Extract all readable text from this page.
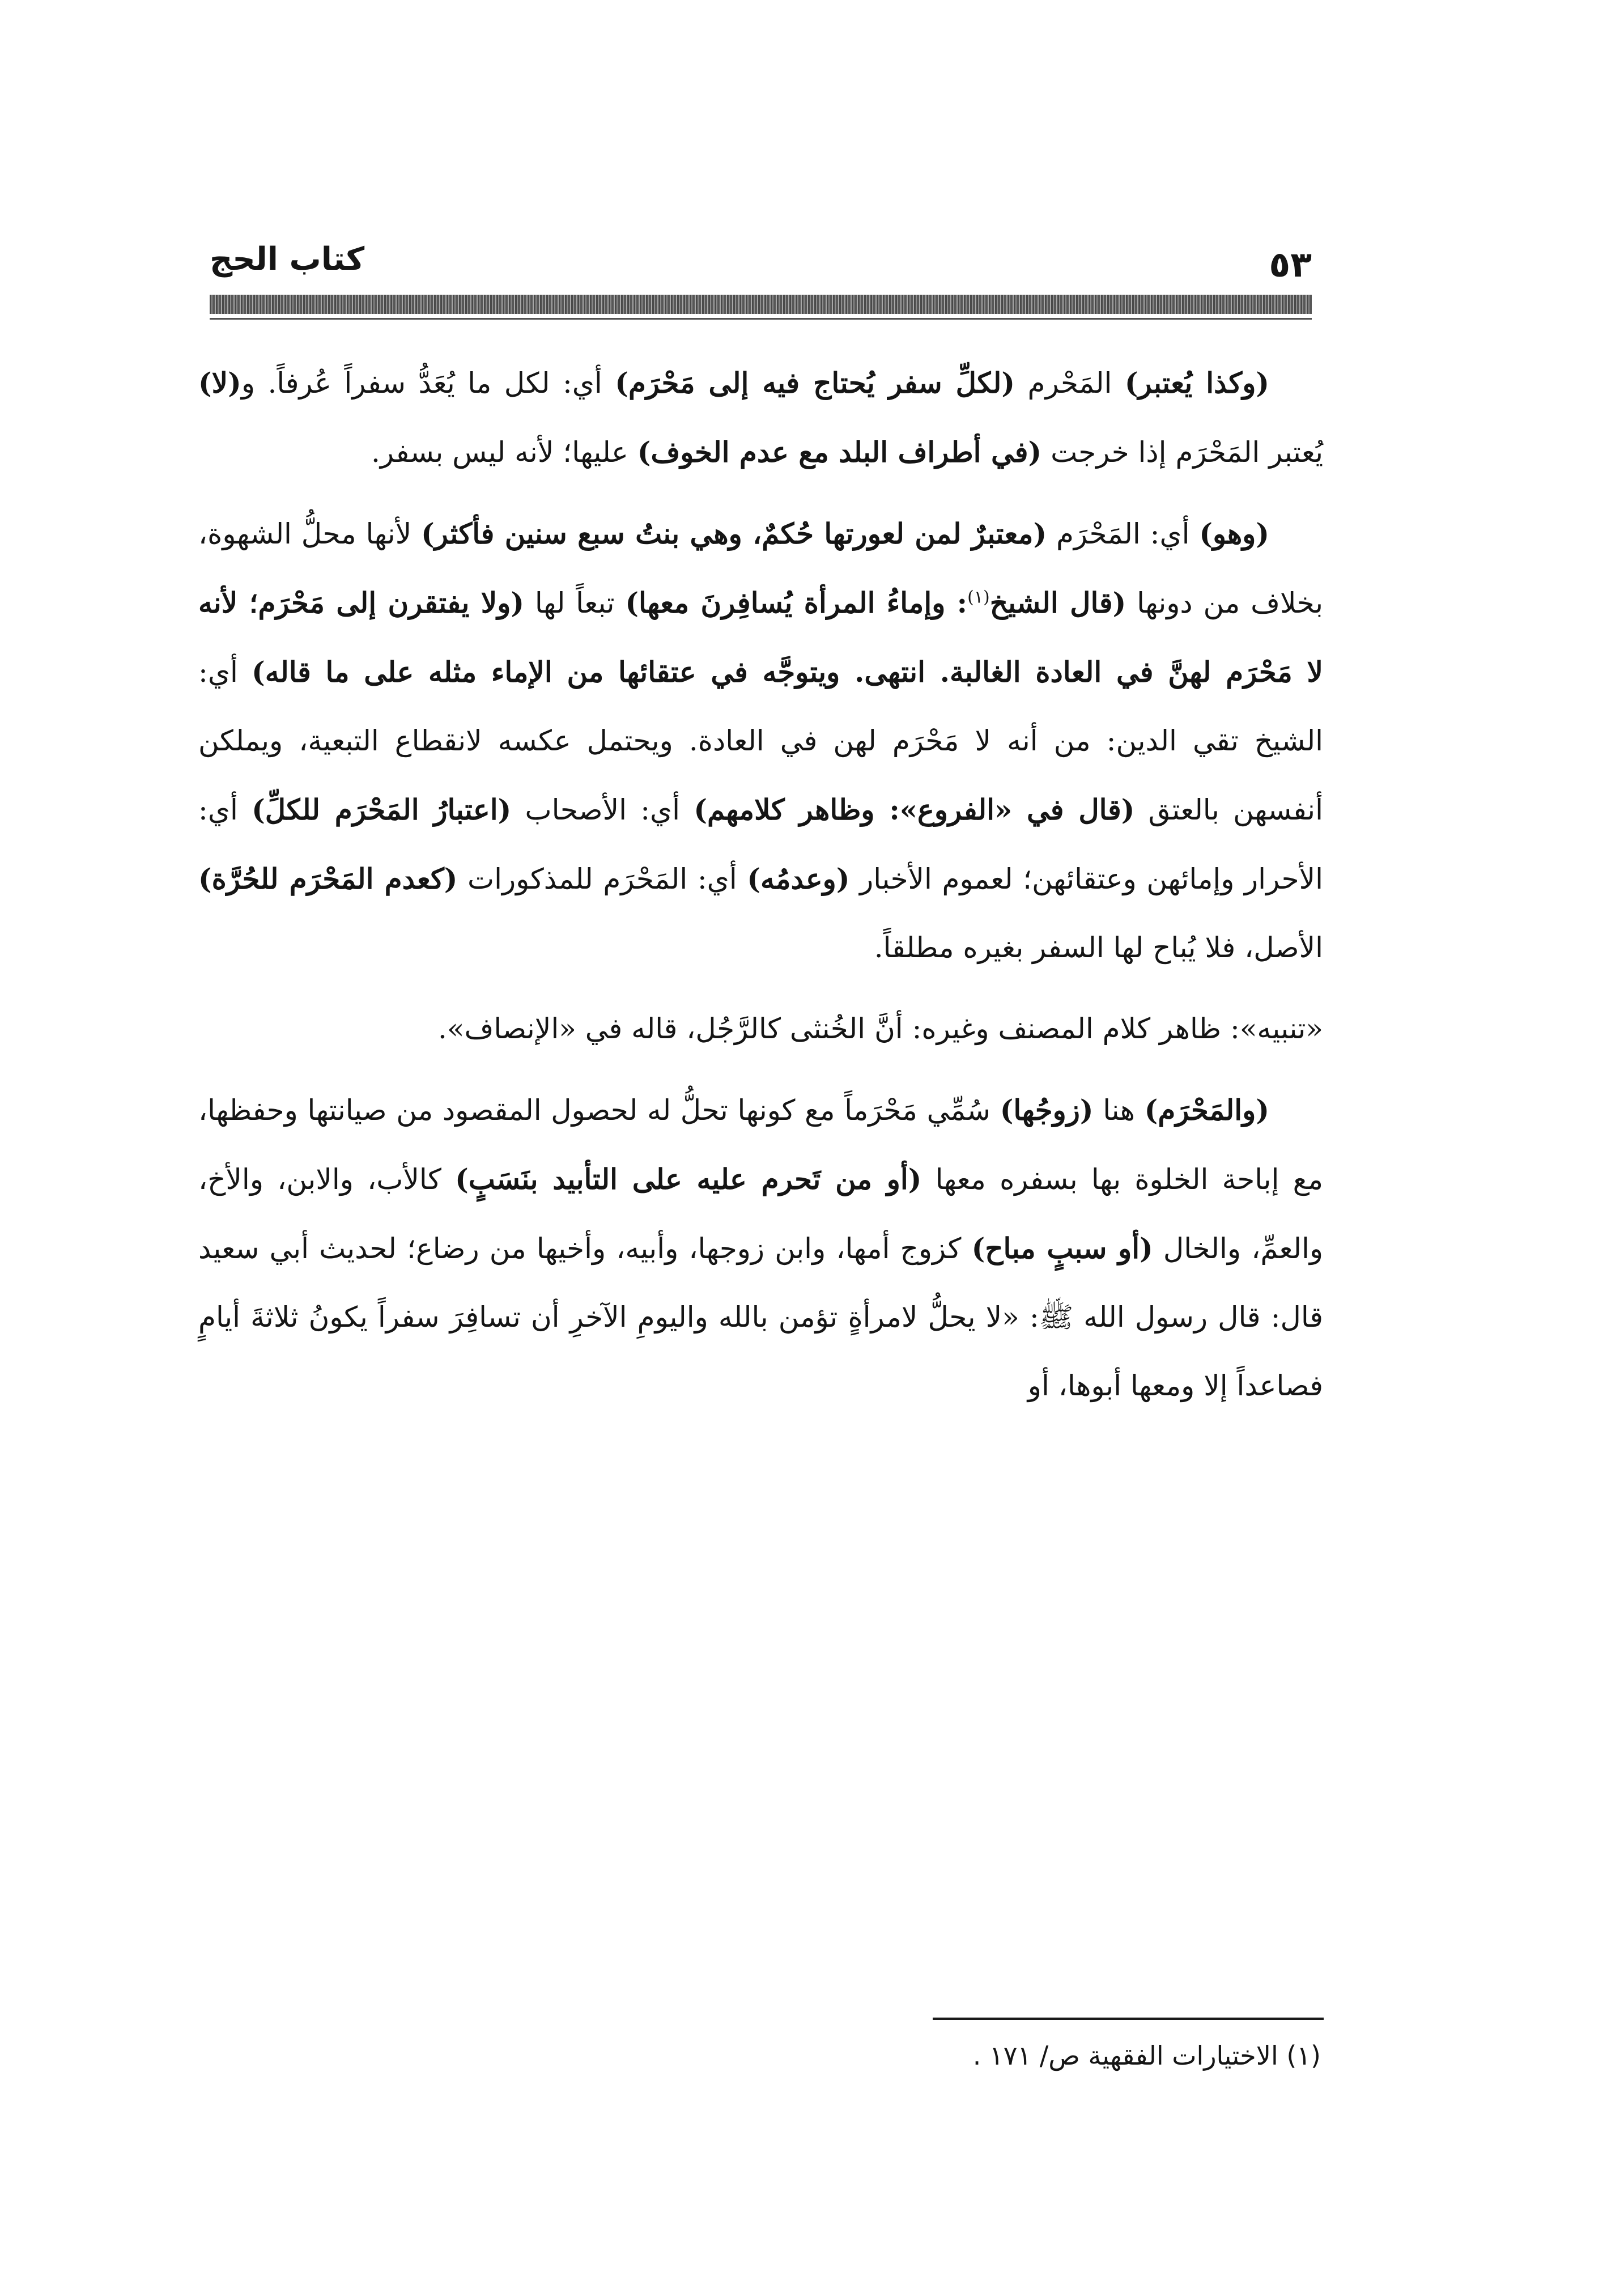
كتاب الحج	٥٣

(وكذا يُعتبر) المَحْرم (لكلِّ سفر يُحتاج فيه إلى مَحْرَم) أي: لكل ما يُعَدُّ سفراً عُرفاً. و(لا) يُعتبر المَحْرَم إذا خرجت (في أطراف البلد مع عدم الخوف) عليها؛ لأنه ليس بسفر.

(وهو) أي: المَحْرَم (معتبرٌ لمن لعورتها حُكمٌ، وهي بنتُ سبع سنين فأكثر) لأنها محلُّ الشهوة، بخلاف من دونها (قال الشيخ$^{(١)}$: وإماءُ المرأة يُسافِرنَ معها) تبعاً لها (ولا يفتقرن إلى مَحْرَم؛ لأنه لا مَحْرَم لهنَّ في العادة الغالبة. انتهى. ويتوجَّه في عتقائها من الإماء مثله على ما قاله) أي: الشيخ تقي الدين: من أنه لا مَحْرَم لهن في العادة. ويحتمل عكسه لانقطاع التبعية، ويملكن أنفسهن بالعتق (قال في «الفروع»: وظاهر كلامهم) أي: الأصحاب (اعتبارُ المَحْرَم للكلِّ) أي: الأحرار وإمائهن وعتقائهن؛ لعموم الأخبار (وعدمُه) أي: المَحْرَم للمذكورات (كعدم المَحْرَم للحُرَّة) الأصل، فلا يُباح لها السفر بغيره مطلقاً.

«تنبيه»: ظاهر كلام المصنف وغيره: أنَّ الخُنثى كالرَّجُل، قاله في «الإنصاف».

(والمَحْرَم) هنا (زوجُها) سُمِّي مَحْرَماً مع كونها تحلُّ له لحصول المقصود من صيانتها وحفظها، مع إباحة الخلوة بها بسفره معها (أو من تَحرم عليه على التأبيد بنَسَبٍ) كالأب، والابن، والأخ، والعمِّ، والخال (أو سببٍ مباح) كزوج أمها، وابن زوجها، وأبيه، وأخيها من رضاع؛ لحديث أبي سعيد قال: قال رسول الله ﷺ: «لا يحلُّ لامرأةٍ تؤمن بالله واليومِ الآخرِ أن تسافِرَ سفراً يكونُ ثلاثةَ أيامٍ فصاعداً إلا ومعها أبوها، أو

(١) الاختيارات الفقهية ص/ ١٧١ .
